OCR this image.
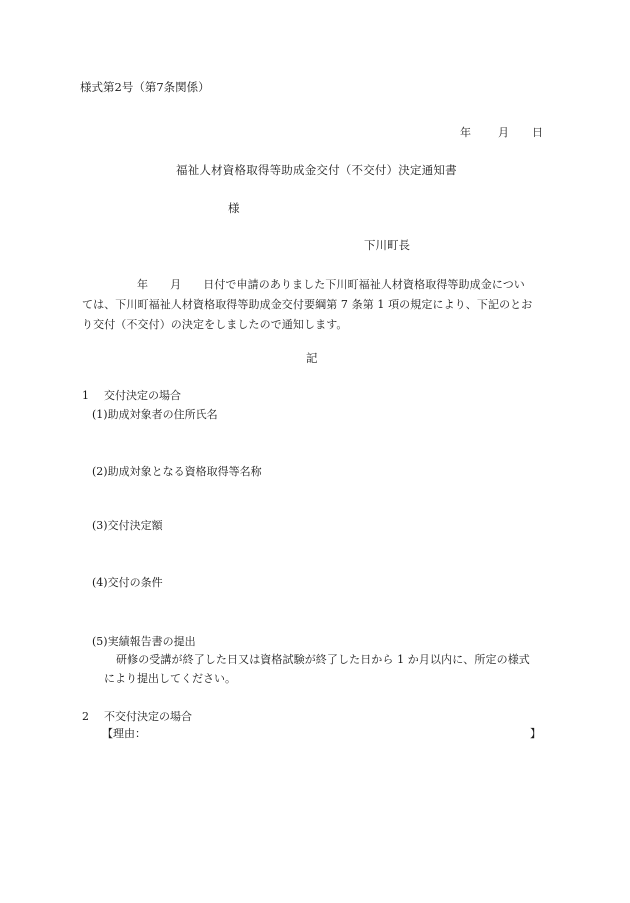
様式第2号（第7条関係）
年 月 日
福祉人材資格取得等助成金交付（不交付）決定通知書
様
下川町長
年 月 日付で申請のありました下川町福祉人材資格取得等助成金につい
ては、下川町福祉人材資格取得等助成金交付要綱第 7 条第 1 項の規定により、下記のとお
り交付（不交付）の決定をしましたので通知します。
記
1 交付決定の場合
(1)助成対象者の住所氏名
(2)助成対象となる資格取得等名称
(3)交付決定額
(4)交付の条件
(5)実績報告書の提出
研修の受講が終了した日又は資格試験が終了した日から 1 か月以内に、所定の様式
により提出してください。
2 不交付決定の場合
【理由：	】
